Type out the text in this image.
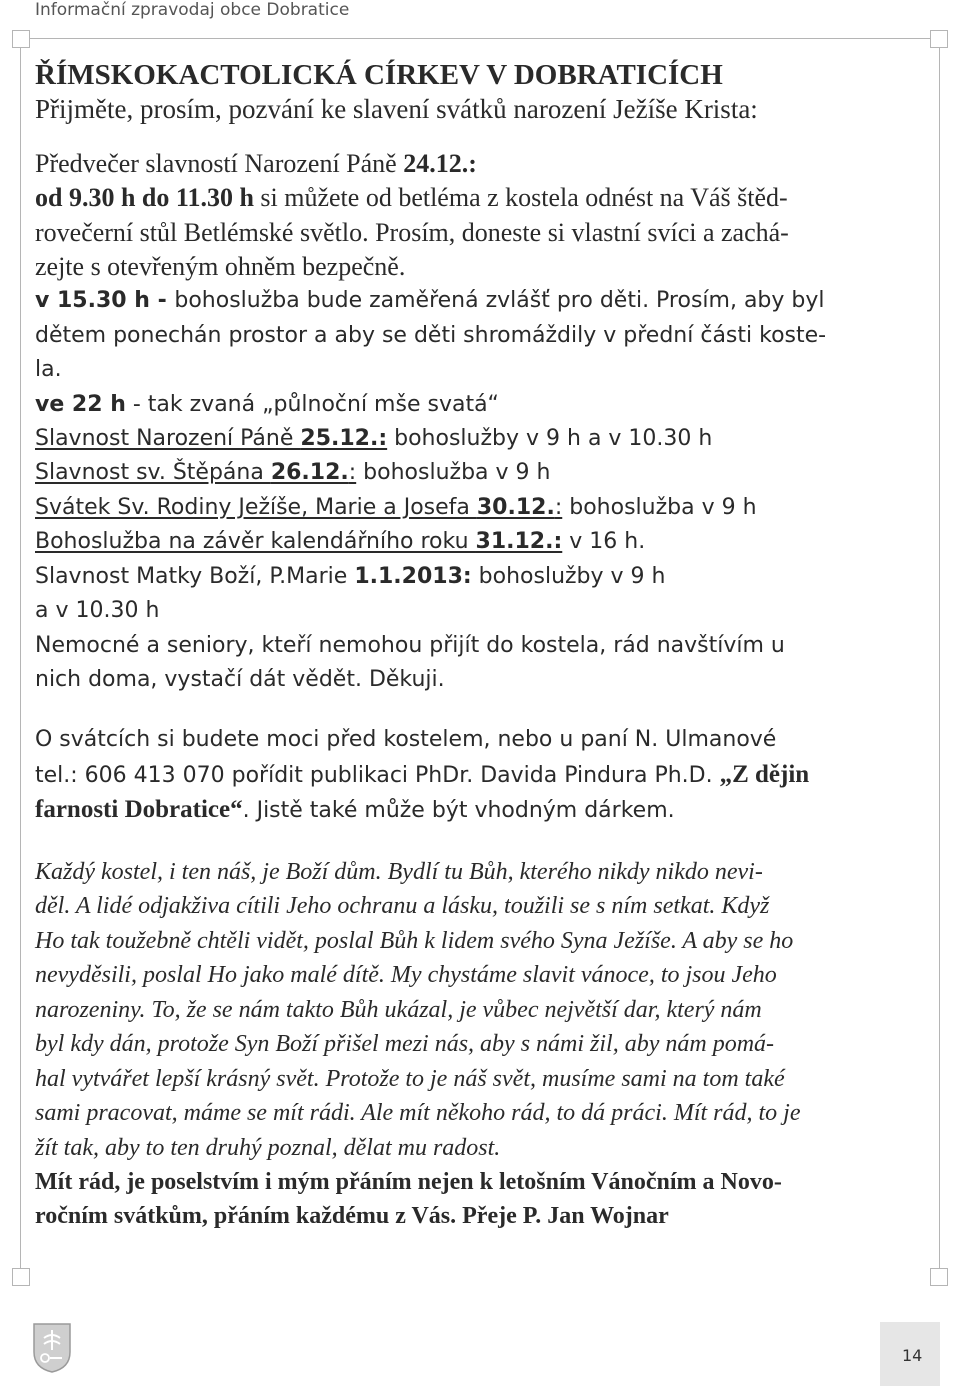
Informační zpravodaj obce Dobratice

ŘÍMSKOKACTOLICKÁ CÍRKEV V DOBRATICÍCH

Přijměte, prosím, pozvání ke slavení svátků narození Ježíše Krista:

Předvečer slavností Narození Páně 24.12.:

od 9.30 h do 11.30 h si můžete od betléma z kostela odnést na Váš štěd-

rovečerní stůl Betlémské světlo. Prosím, doneste si vlastní svíci a zachá-

zejte s otevřeným ohněm bezpečně.

v 15.30 h - bohoslužba bude zaměřená zvlášť pro děti. Prosím, aby byl

dětem ponechán prostor a aby se děti shromáždily v přední části koste-

la.

ve 22 h - tak zvaná „půlnoční mše svatá“

Slavnost Narození Páně 25.12.: bohoslužby v 9 h a v 10.30 h

Slavnost sv. Štěpána 26.12.: bohoslužba v 9 h

Svátek Sv. Rodiny Ježíše, Marie a Josefa 30.12.: bohoslužba v 9 h

Bohoslužba na závěr kalendářního roku 31.12.: v 16 h.

Slavnost Matky Boží, P.Marie 1.1.2013: bohoslužby v 9 h

a v 10.30 h

Nemocné a seniory, kteří nemohou přijít do kostela, rád navštívím u

nich doma, vystačí dát vědět. Děkuji.

O svátcích si budete moci před kostelem, nebo u paní N. Ulmanové

tel.: 606 413 070 pořídit publikaci PhDr. Davida Pindura Ph.D. „Z dějin

farnosti Dobratice“. Jistě také může být vhodným dárkem.

Každý kostel, i ten náš, je Boží dům. Bydlí tu Bůh, kterého nikdy nikdo nevi-

děl. A lidé odjakživa cítili Jeho ochranu a lásku, toužili se s ním setkat. Když

Ho tak toužebně chtěli vidět, poslal Bůh k lidem svého Syna Ježíše. A aby se ho

nevyděsili, poslal Ho jako malé dítě. My chystáme slavit vánoce, to jsou Jeho

narozeniny. To, že se nám takto Bůh ukázal, je vůbec největší dar, který nám

byl kdy dán, protože Syn Boží přišel mezi nás, aby s námi žil, aby nám pomá-

hal vytvářet lepší krásný svět. Protože to je náš svět, musíme sami na tom také

sami pracovat, máme se mít rádi. Ale mít někoho rád, to dá práci. Mít rád, to je

žít tak, aby to ten druhý poznal, dělat mu radost.

Mít rád, je poselstvím i mým přáním nejen k letošním Vánočním a Novo-

ročním svátkům, přáním každému z Vás. Přeje P. Jan Wojnar

14
